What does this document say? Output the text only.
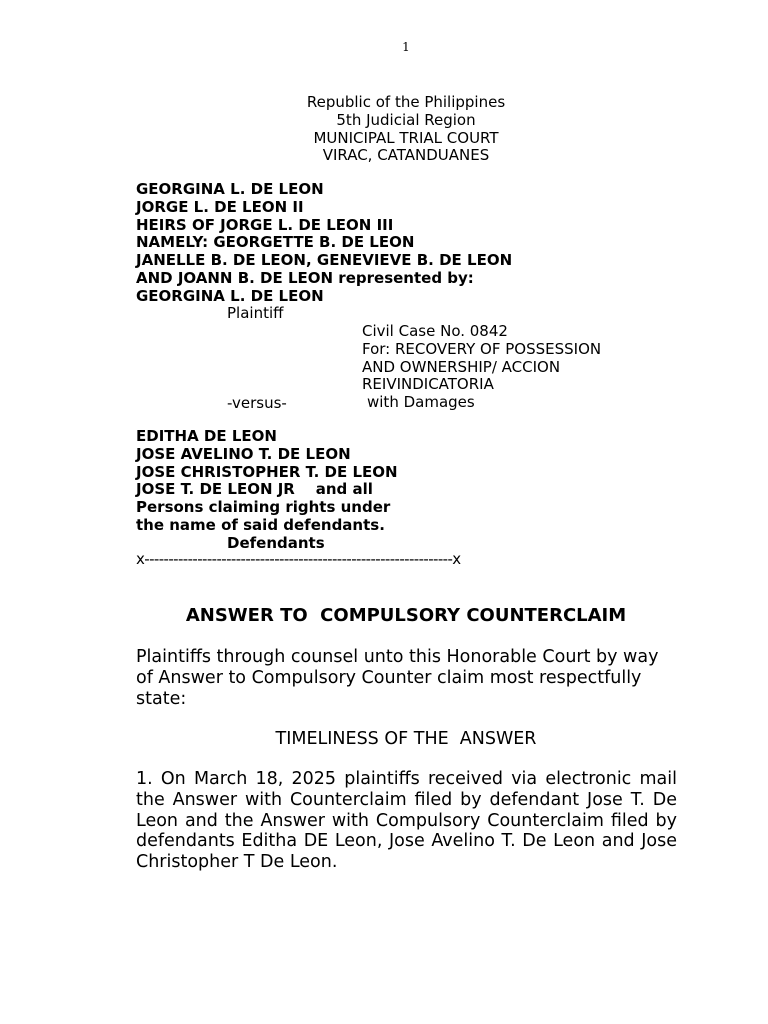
1
Republic of the Philippines
5th Judicial Region
MUNICIPAL TRIAL COURT
VIRAC, CATANDUANES
GEORGINA L. DE LEON
JORGE L. DE LEON II
HEIRS OF JORGE L. DE LEON III
NAMELY: GEORGETTE B. DE LEON
JANELLE B. DE LEON, GENEVIEVE B. DE LEON
AND JOANN B. DE LEON represented by:
GEORGINA L. DE LEON
Plaintiff
Civil Case No. 0842
For: RECOVERY OF POSSESSION
AND OWNERSHIP/ ACCION
REIVINDICATORIA
with Damages
-versus-
EDITHA DE LEON
JOSE AVELINO T. DE LEON
JOSE CHRISTOPHER T. DE LEON
JOSE T. DE LEON JR    and all
Persons claiming rights under
the name of said defendants.
Defendants
x----------------------------------------------------------------x
ANSWER TO  COMPULSORY COUNTERCLAIM
Plaintiffs through counsel unto this Honorable Court by way of Answer to Compulsory Counter claim most respectfully state:
TIMELINESS OF THE  ANSWER
1. On March 18, 2025 plaintiffs received via electronic mail the Answer with Counterclaim filed by defendant Jose T. De Leon and the Answer with Compulsory Counterclaim filed by defendants Editha DE Leon, Jose Avelino T. De Leon and Jose Christopher T De Leon.
